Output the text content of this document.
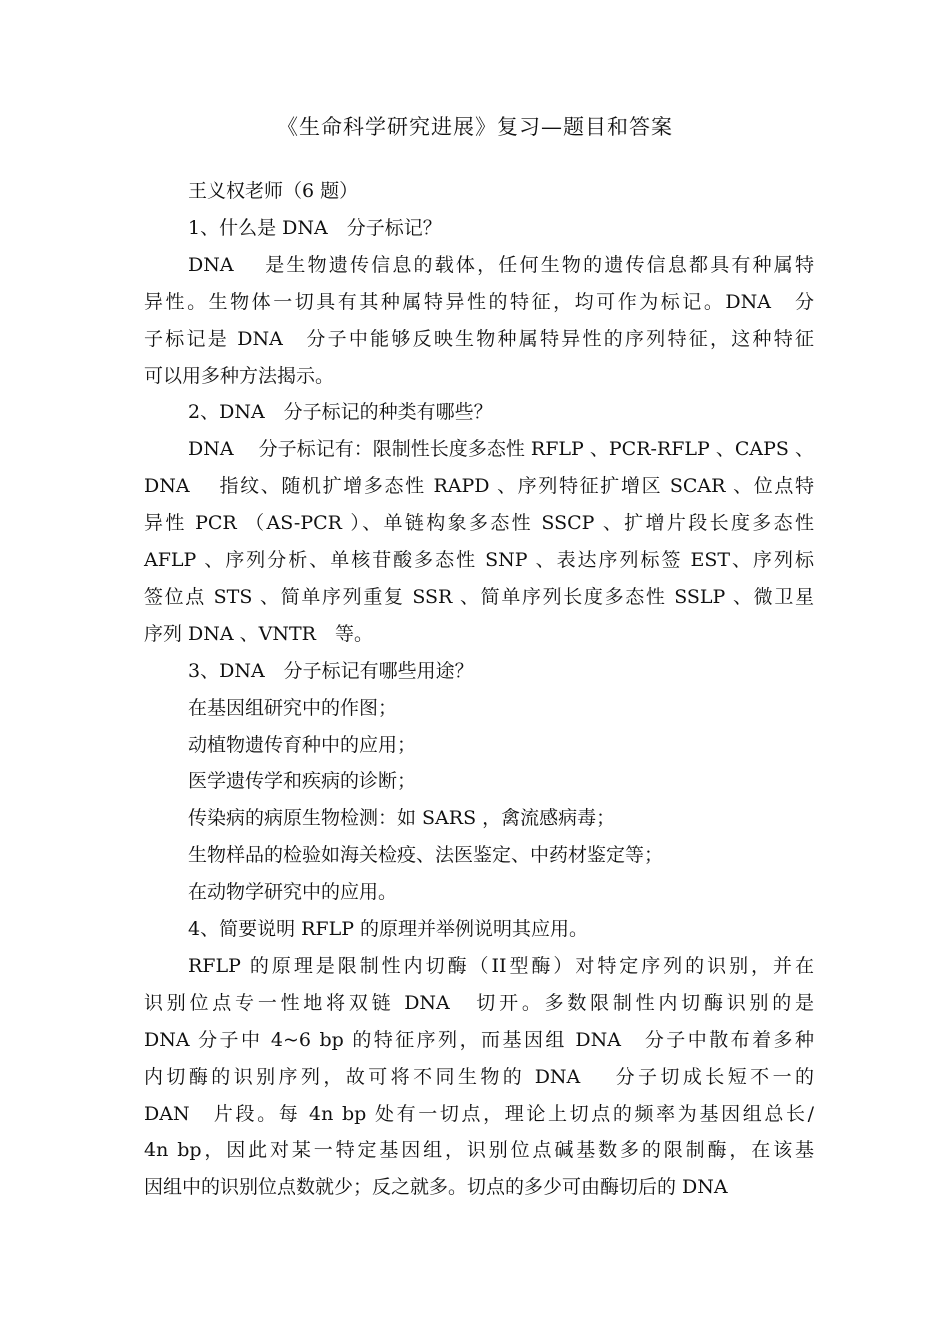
《生命科学研究进展》复习—题目和答案
王义权老师（6 题）
1、什么是 DNA　分子标记？
DNA　 是生物遗传信息的载体，任何生物的遗传信息都具有种属特
异性。生物体一切具有其种属特异性的特征，均可作为标记。DNA　分
子标记是 DNA　分子中能够反映生物种属特异性的序列特征，这种特征
可以用多种方法揭示。
2、DNA　分子标记的种类有哪些？
DNA　 分子标记有：限制性长度多态性 RFLP 、PCR-RFLP 、CAPS 、
DNA　 指纹、随机扩增多态性 RAPD 、序列特征扩增区 SCAR 、位点特
异性 PCR （AS-PCR ）、单链构象多态性 SSCP 、扩增片段长度多态性
AFLP 、序列分析、单核苷酸多态性 SNP 、表达序列标签 EST、序列标
签位点 STS 、简单序列重复 SSR 、简单序列长度多态性 SSLP 、微卫星
序列 DNA 、VNTR　等。
3、DNA　分子标记有哪些用途？
在基因组研究中的作图；
动植物遗传育种中的应用；
医学遗传学和疾病的诊断；
传染病的病原生物检测：如 SARS ，禽流感病毒；
生物样品的检验如海关检疫、法医鉴定、中药材鉴定等；
在动物学研究中的应用。
4、简要说明 RFLP 的原理并举例说明其应用。
RFLP 的原理是限制性内切酶（II型酶）对特定序列的识别，并在
识别位点专一性地将双链 DNA　切开。多数限制性内切酶识别的是
DNA 分子中 4~6 bp 的特征序列，而基因组 DNA　分子中散布着多种
内切酶的识别序列，故可将不同生物的 DNA　 分子切成长短不一的
DAN　片段。每 4n bp 处有一切点，理论上切点的频率为基因组总长/
4n bp，因此对某一特定基因组，识别位点碱基数多的限制酶，在该基
因组中的识别位点数就少；反之就多。切点的多少可由酶切后的 DNA
